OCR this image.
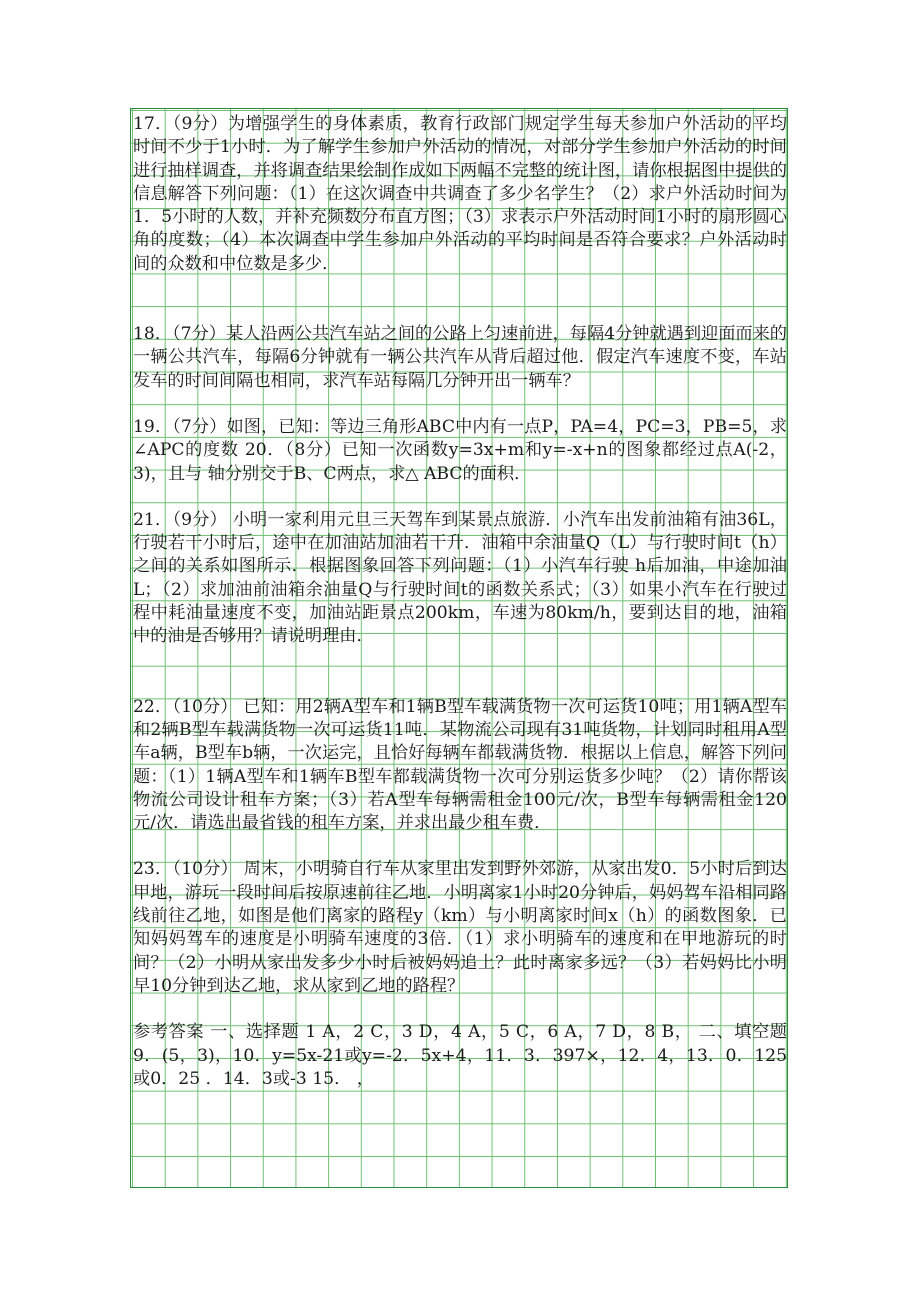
17．（9分）为增强学生的身体素质，教育行政部门规定学生每天参加户外活动的平均时间不少于1小时．为了解学生参加户外活动的情况，对部分学生参加户外活动的时间进行抽样调查，并将调查结果绘制作成如下两幅不完整的统计图，请你根据图中提供的信息解答下列问题：（1）在这次调查中共调查了多少名学生？（2）求户外活动时间为1．5小时的人数，并补充频数分布直方图；（3）求表示户外活动时间1小时的扇形圆心角的度数；（4）本次调查中学生参加户外活动的平均时间是否符合要求？户外活动时间的众数和中位数是多少．

18．（7分）某人沿两公共汽车站之间的公路上匀速前进，每隔4分钟就遇到迎面而来的一辆公共汽车，每隔6分钟就有一辆公共汽车从背后超过他．假定汽车速度不变，车站发车的时间间隔也相同，求汽车站每隔几分钟开出一辆车？

19．（7分）如图，已知：等边三角形ABC中内有一点P，PA=4，PC=3，PB=5，求∠APC的度数 20．（8分）已知一次函数y=3x+m和y=-x+n的图象都经过点A(-2，3)，且与 轴分别交于B、C两点，求△ ABC的面积．

21．（9分） 小明一家利用元旦三天驾车到某景点旅游．小汽车出发前油箱有油36L，行驶若干小时后，途中在加油站加油若干升．油箱中余油量Q（L）与行驶时间t（h）之间的关系如图所示．根据图象回答下列问题：（1）小汽车行驶 h后加油，中途加油 L；（2）求加油前油箱余油量Q与行驶时间t的函数关系式；（3）如果小汽车在行驶过程中耗油量速度不变，加油站距景点200km，车速为80km/h，要到达目的地，油箱中的油是否够用？请说明理由．

22．（10分） 已知：用2辆A型车和1辆B型车载满货物一次可运货10吨；用1辆A型车和2辆B型车载满货物一次可运货11吨．某物流公司现有31吨货物，计划同时租用A型车a辆，B型车b辆，一次运完，且恰好每辆车都载满货物．根据以上信息，解答下列问题：（1）1辆A型车和1辆车B型车都载满货物一次可分别运货多少吨？（2）请你帮该物流公司设计租车方案；（3）若A型车每辆需租金100元/次，B型车每辆需租金120元/次．请选出最省钱的租车方案，并求出最少租车费．

23．（10分） 周末，小明骑自行车从家里出发到野外郊游，从家出发0．5小时后到达甲地，游玩一段时间后按原速前往乙地．小明离家1小时20分钟后，妈妈驾车沿相同路线前往乙地，如图是他们离家的路程y（km）与小明离家时间x（h）的函数图象．已知妈妈驾车的速度是小明骑车速度的3倍．（1）求小明骑车的速度和在甲地游玩的时间？（2）小明从家出发多少小时后被妈妈追上？此时离家多远？（3）若妈妈比小明早10分钟到达乙地，求从家到乙地的路程？

参考答案 一、选择题 1 A，2 C，3 D，4 A，5 C，6 A，7 D，8 B， 二、填空题 9．(5，3)，10．y=5x-21或y=-2．5x+4，11．3．397×，12．4，13．0．125或0．25 ．14．3或-3 15． ，
